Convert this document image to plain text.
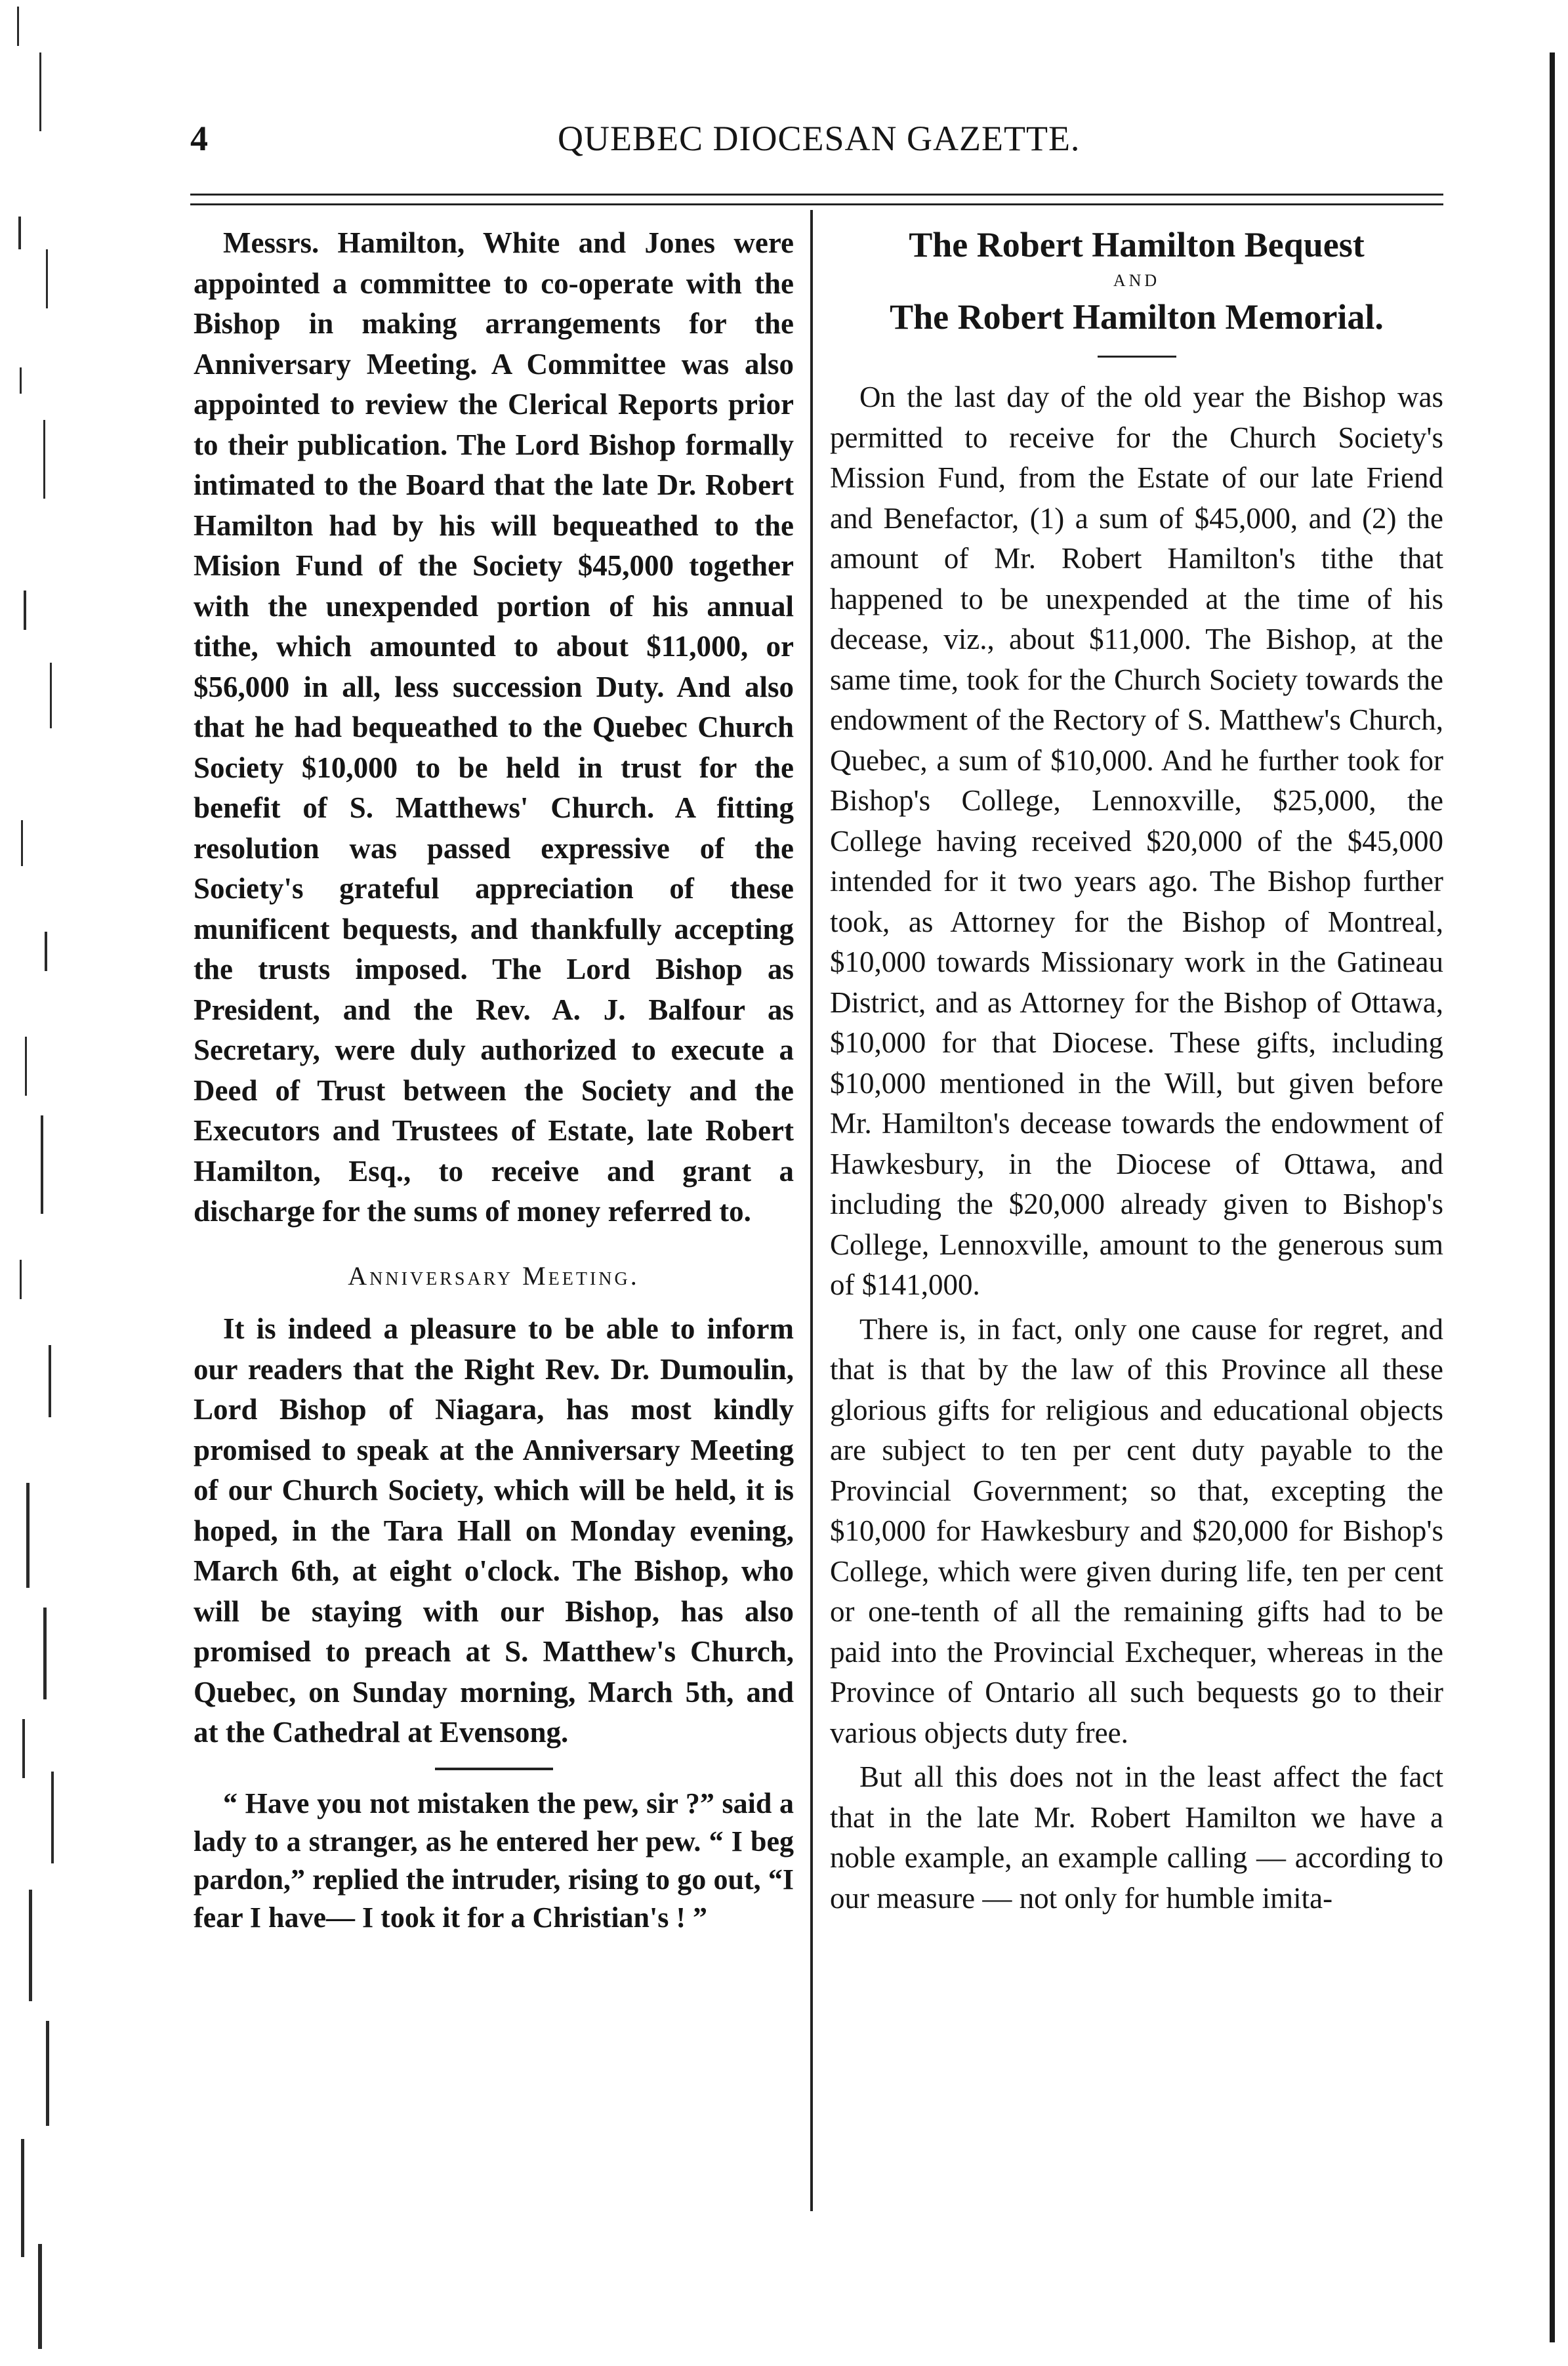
4	QUEBEC DIOCESAN GAZETTE.

Messrs. Hamilton, White and Jones were appointed a committee to co-operate with the Bishop in making arrangements for the Anniversary Meeting. A Committee was also appointed to review the Clerical Reports prior to their publication. The Lord Bishop formally intimated to the Board that the late Dr. Robert Hamilton had by his will bequeathed to the Mision Fund of the Society $45,000 together with the unexpended portion of his annual tithe, which amounted to about $11,000, or $56,000 in all, less succession Duty. And also that he had bequeathed to the Quebec Church Society $10,000 to be held in trust for the benefit of S. Matthews' Church. A fitting resolution was passed expressive of the Society's grateful appreciation of these munificent bequests, and thankfully accepting the trusts imposed. The Lord Bishop as President, and the Rev. A. J. Balfour as Secretary, were duly authorized to execute a Deed of Trust between the Society and the Executors and Trustees of Estate, late Robert Hamilton, Esq., to receive and grant a discharge for the sums of money referred to.

Anniversary Meeting.

It is indeed a pleasure to be able to inform our readers that the Right Rev. Dr. Dumoulin, Lord Bishop of Niagara, has most kindly promised to speak at the Anniversary Meeting of our Church Society, which will be held, it is hoped, in the Tara Hall on Monday evening, March 6th, at eight o'clock. The Bishop, who will be staying with our Bishop, has also promised to preach at S. Matthew's Church, Quebec, on Sunday morning, March 5th, and at the Cathedral at Evensong.

“ Have you not mistaken the pew, sir ?” said a lady to a stranger, as he entered her pew. “ I beg pardon,” replied the intruder, rising to go out, “I fear I have— I took it for a Christian's ! ”

The Robert Hamilton Bequest
AND
The Robert Hamilton Memorial.

On the last day of the old year the Bishop was permitted to receive for the Church Society's Mission Fund, from the Estate of our late Friend and Benefactor, (1) a sum of $45,000, and (2) the amount of Mr. Robert Hamilton's tithe that happened to be unexpended at the time of his decease, viz., about $11,000. The Bishop, at the same time, took for the Church Society towards the endowment of the Rectory of S. Matthew's Church, Quebec, a sum of $10,000. And he further took for Bishop's College, Lennoxville, $25,000, the College having received $20,000 of the $45,000 intended for it two years ago. The Bishop further took, as Attorney for the Bishop of Montreal, $10,000 towards Missionary work in the Gatineau District, and as Attorney for the Bishop of Ottawa, $10,000 for that Diocese. These gifts, including $10,000 mentioned in the Will, but given before Mr. Hamilton's decease towards the endowment of Hawkesbury, in the Diocese of Ottawa, and including the $20,000 already given to Bishop's College, Lennoxville, amount to the generous sum of $141,000.

There is, in fact, only one cause for regret, and that is that by the law of this Province all these glorious gifts for religious and educational objects are subject to ten per cent duty payable to the Provincial Government; so that, excepting the $10,000 for Hawkesbury and $20,000 for Bishop's College, which were given during life, ten per cent or one-tenth of all the remaining gifts had to be paid into the Provincial Exchequer, whereas in the Province of Ontario all such bequests go to their various objects duty free.

But all this does not in the least affect the fact that in the late Mr. Robert Hamilton we have a noble example, an example calling — according to our measure — not only for humble imita-
